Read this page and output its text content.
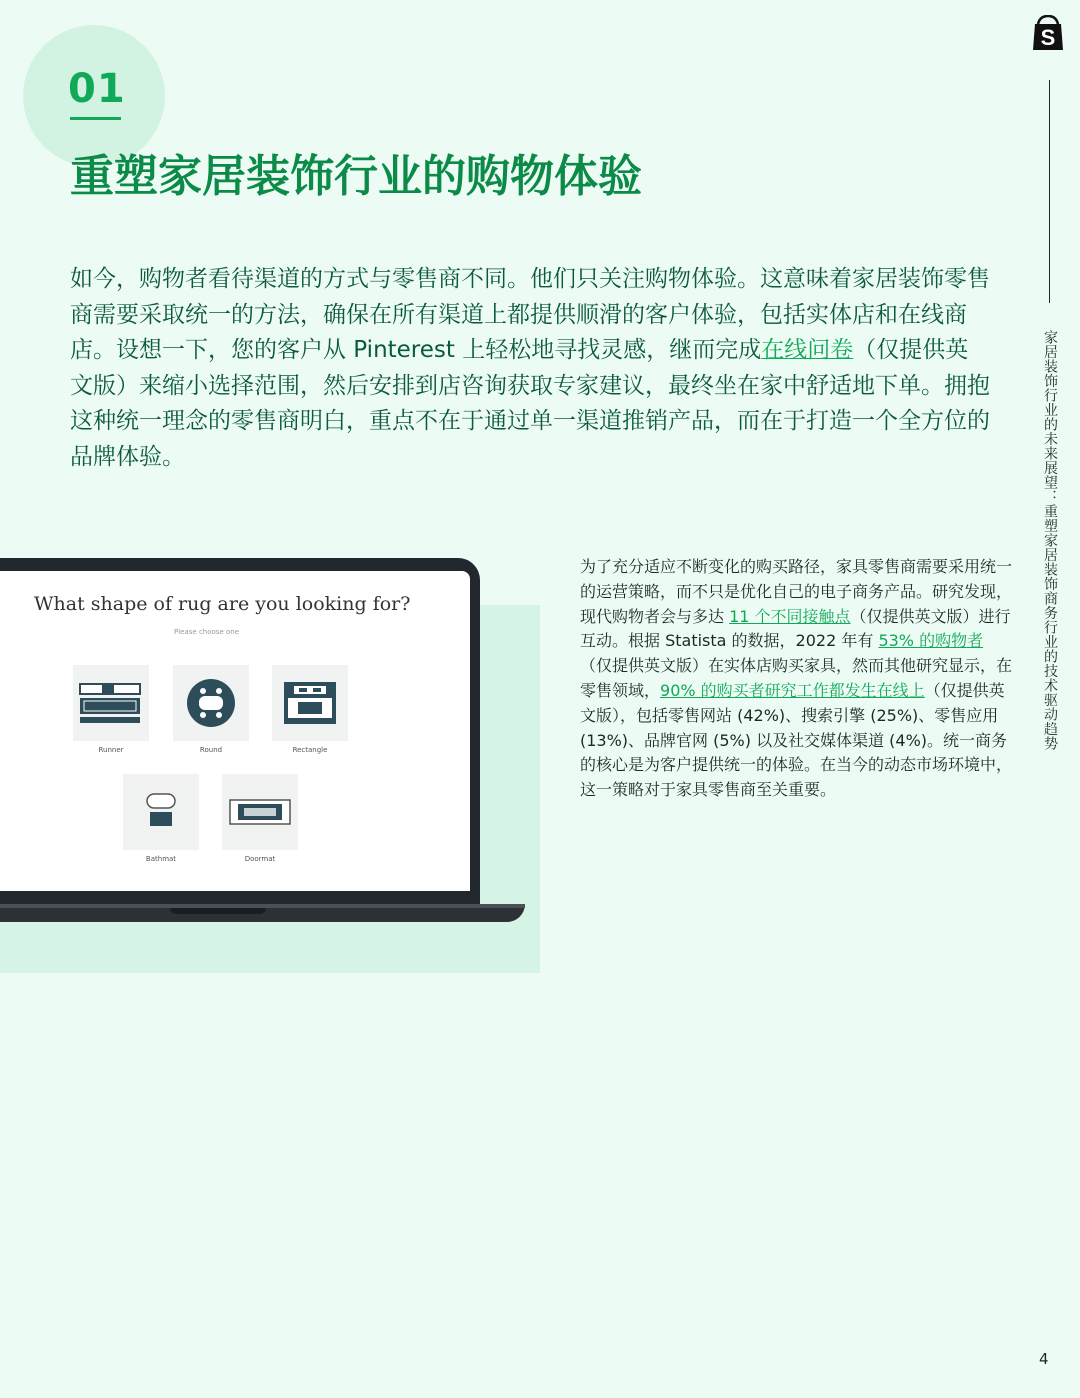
01
重塑家居装饰行业的购物体验

如今，购物者看待渠道的方式与零售商不同。他们只关注购物体验。这意味着家居装饰零售商需要采取统一的方法，确保在所有渠道上都提供顺滑的客户体验，包括实体店和在线商店。设想一下，您的客户从 Pinterest 上轻松地寻找灵感，继而完成在线问卷（仅提供英文版）来缩小选择范围，然后安排到店咨询获取专家建议，最终坐在家中舒适地下单。拥抱这种统一理念的零售商明白，重点不在于通过单一渠道推销产品，而在于打造一个全方位的品牌体验。

What shape of rug are you looking for?
Please choose one
Runner	Round	Rectangle
Bathmat	Doormat

为了充分适应不断变化的购买路径，家具零售商需要采用统一的运营策略，而不只是优化自己的电子商务产品。研究发现，现代购物者会与多达 11 个不同接触点（仅提供英文版）进行互动。根据 Statista 的数据，2022 年有 53% 的购物者（仅提供英文版）在实体店购买家具，然而其他研究显示，在零售领域，90% 的购买者研究工作都发生在线上（仅提供英文版），包括零售网站 (42%)、搜索引擎 (25%)、零售应用 (13%)、品牌官网 (5%) 以及社交媒体渠道 (4%)。统一商务的核心是为客户提供统一的体验。在当今的动态市场环境中，这一策略对于家具零售商至关重要。

S
家居装饰行业的未来展望：重塑家居装饰商务行业的技术驱动趋势
4
